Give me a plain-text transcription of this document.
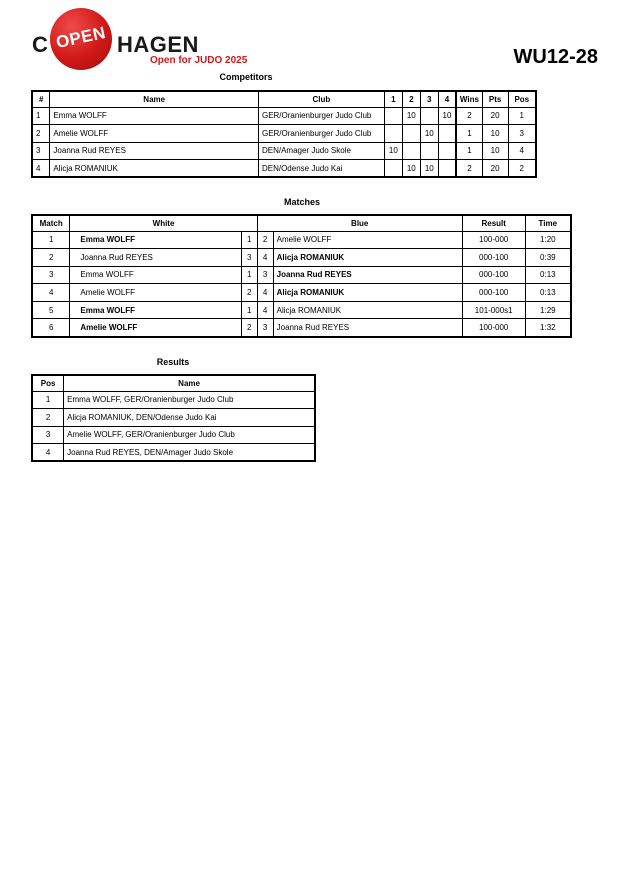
C OPEN HAGEN
Open for JUDO 2025	WU12-28
Competitors
#	Name	Club	1	2	3	4	Wins	Pts	Pos
1	Emma WOLFF	GER/Oranienburger Judo Club		10		10	2	20	1
2	Amelie WOLFF	GER/Oranienburger Judo Club			10		1	10	3
3	Joanna Rud REYES	DEN/Amager Judo Skole	10				1	10	4
4	Alicja ROMANIUK	DEN/Odense Judo Kai		10	10		2	20	2
Matches
Match	White		Blue		Result	Time
1	Emma WOLFF	1	2	Amelie WOLFF	100-000	1:20
2	Joanna Rud REYES	3	4	Alicja ROMANIUK	000-100	0:39
3	Emma WOLFF	1	3	Joanna Rud REYES	000-100	0:13
4	Amelie WOLFF	2	4	Alicja ROMANIUK	000-100	0:13
5	Emma WOLFF	1	4	Alicja ROMANIUK	101-000s1	1:29
6	Amelie WOLFF	2	3	Joanna Rud REYES	100-000	1:32
Results
Pos	Name
1	Emma WOLFF, GER/Oranienburger Judo Club
2	Alicja ROMANIUK, DEN/Odense Judo Kai
3	Amelie WOLFF, GER/Oranienburger Judo Club
4	Joanna Rud REYES, DEN/Amager Judo Skole
